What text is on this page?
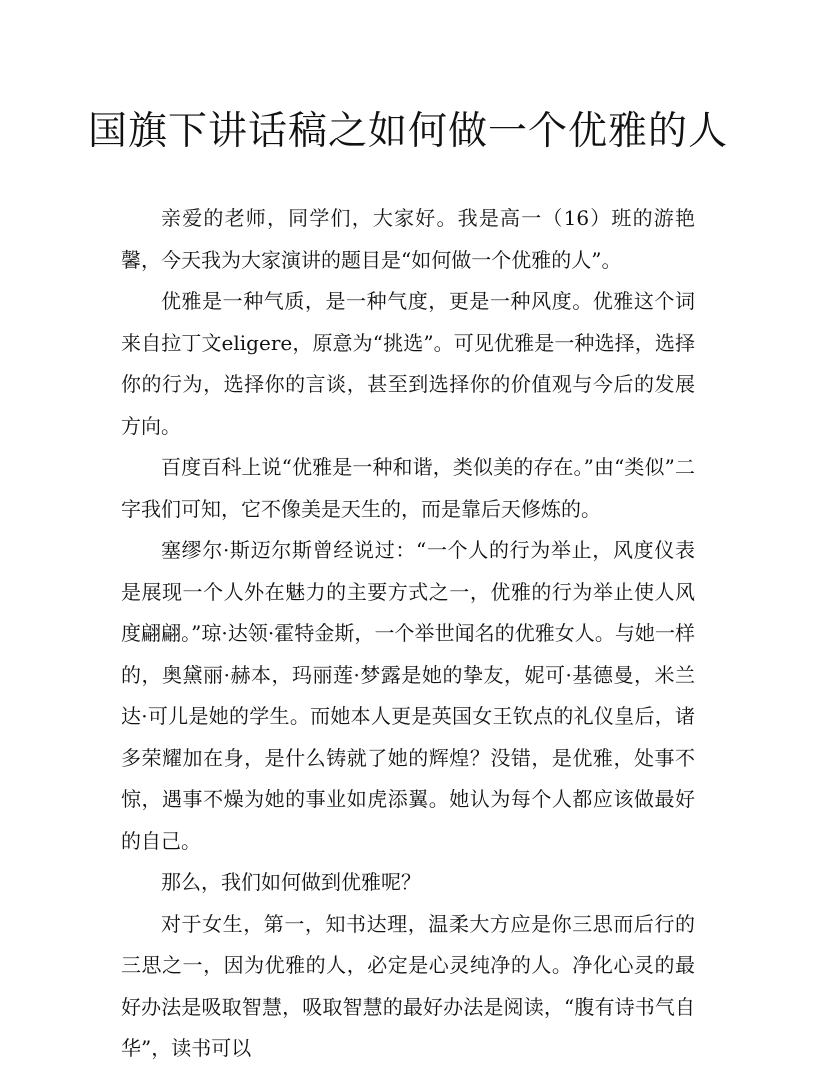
国旗下讲话稿之如何做一个优雅的人

亲爱的老师，同学们，大家好。我是高一（16）班的游艳馨，今天我为大家演讲的题目是“如何做一个优雅的人”。

优雅是一种气质，是一种气度，更是一种风度。优雅这个词来自拉丁文eligere，原意为“挑选”。可见优雅是一种选择，选择你的行为，选择你的言谈，甚至到选择你的价值观与今后的发展方向。

百度百科上说“优雅是一种和谐，类似美的存在。”由“类似”二字我们可知，它不像美是天生的，而是靠后天修炼的。

塞缪尔·斯迈尔斯曾经说过：“一个人的行为举止，风度仪表是展现一个人外在魅力的主要方式之一，优雅的行为举止使人风度翩翩。”琼·达领·霍特金斯，一个举世闻名的优雅女人。与她一样的，奥黛丽·赫本，玛丽莲·梦露是她的挚友，妮可·基德曼，米兰达·可儿是她的学生。而她本人更是英国女王钦点的礼仪皇后，诸多荣耀加在身，是什么铸就了她的辉煌？没错，是优雅，处事不惊，遇事不燥为她的事业如虎添翼。她认为每个人都应该做最好的自己。

那么，我们如何做到优雅呢？

对于女生，第一，知书达理，温柔大方应是你三思而后行的三思之一，因为优雅的人，必定是心灵纯净的人。净化心灵的最好办法是吸取智慧，吸取智慧的最好办法是阅读，“腹有诗书气自华”，读书可以
